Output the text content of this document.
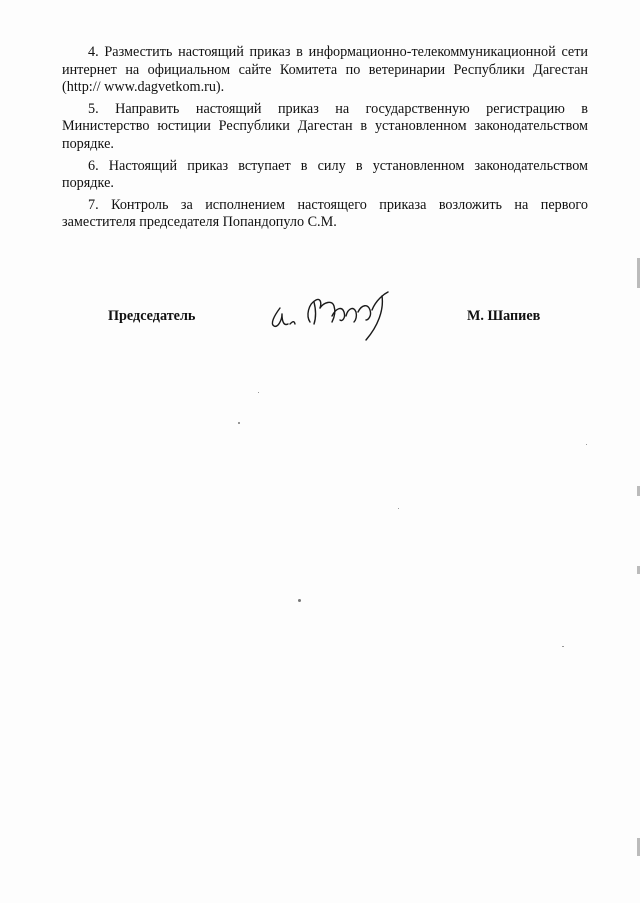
4. Разместить настоящий приказ в информационно-телекоммуникационной сети интернет на официальном сайте Комитета по ветеринарии Республики Дагестан (http:// www.dagvetkom.ru).

5. Направить настоящий приказ на государственную регистрацию в Министерство юстиции Республики Дагестан в установленном законодательством порядке.

6. Настоящий приказ вступает в силу в установленном законодательством порядке.

7. Контроль за исполнением настоящего приказа возложить на первого заместителя председателя Попандопуло С.М.

Председатель	М. Шапиев
